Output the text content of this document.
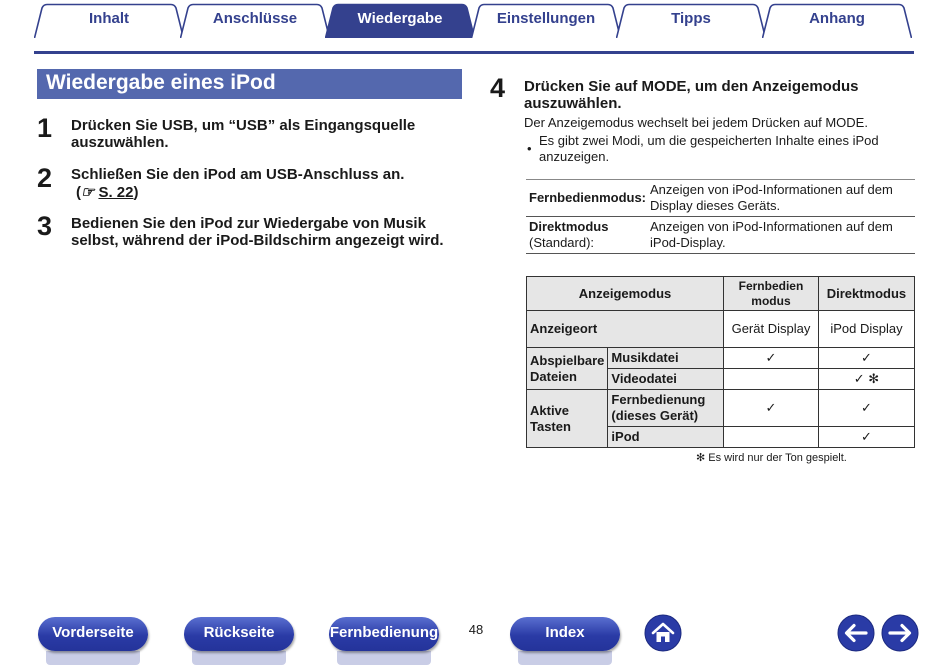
Inhalt	Anschlüsse	Wiedergabe	Einstellungen	Tipps	Anhang
Wiedergabe eines iPod
1 Drücken Sie USB, um “USB” als Eingangsquelle auszuwählen.
2 Schließen Sie den iPod am USB-Anschluss an.
(☞ S. 22)
3 Bedienen Sie den iPod zur Wiedergabe von Musik selbst, während der iPod-Bildschirm angezeigt wird.
4 Drücken Sie auf MODE, um den Anzeigemodus auszuwählen.
Der Anzeigemodus wechselt bei jedem Drücken auf MODE.
•
Es gibt zwei Modi, um die gespeicherten Inhalte eines iPod anzuzeigen.
Fernbedienmodus:	Anzeigen von iPod-Informationen auf dem Display dieses Geräts.
Direktmodus
(Standard):	Anzeigen von iPod-Informationen auf dem iPod-Display.
Anzeigemodus		Fernbedien modus	Direktmodus
Anzeigeort		Gerät Display	iPod Display
Abspielbare Dateien	Musikdatei	✓	✓
	Videodatei		✓ ✻
Aktive Tasten	Fernbedienung (dieses Gerät)	✓	✓
	iPod		✓
✻ Es wird nur der Ton gespielt.
Vorderseite	Rückseite	Fernbedienung 48	Index
